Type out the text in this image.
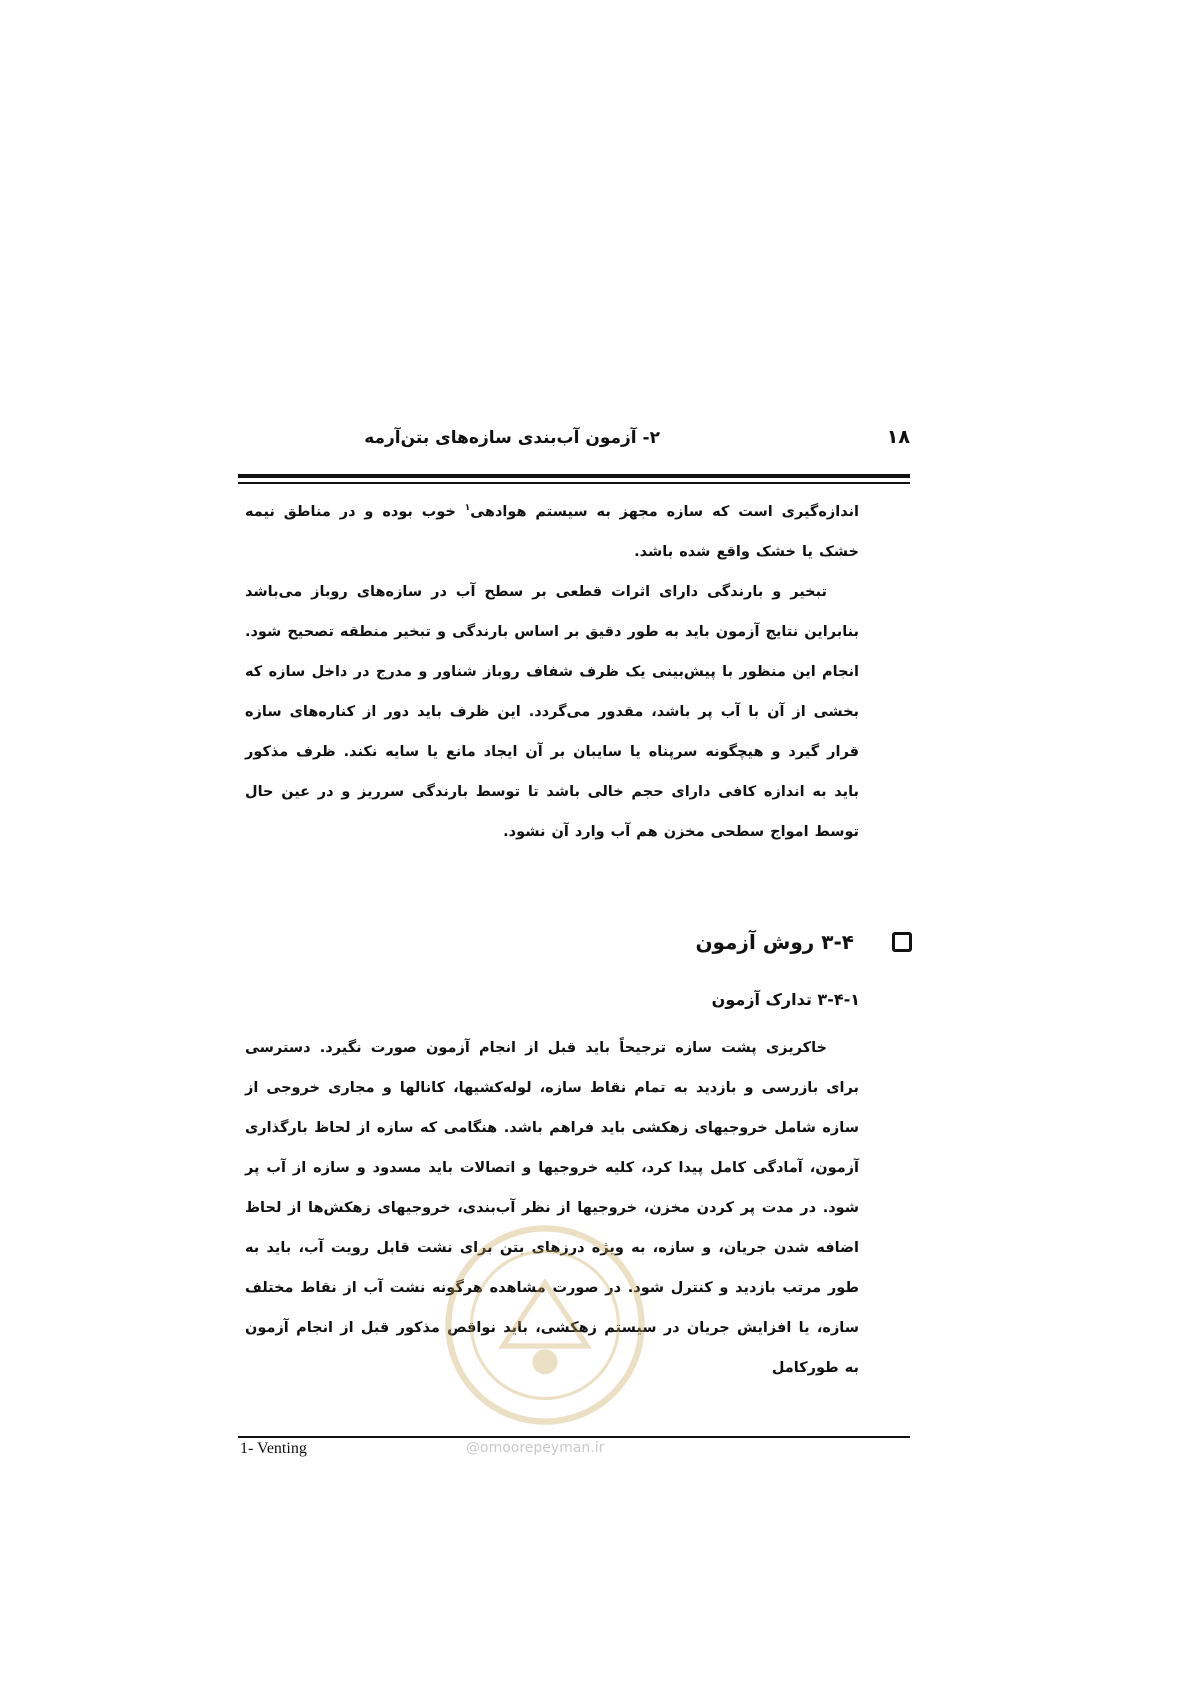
۱۸
۲- آزمون آب‌بندی سازه‌های بتن‌آرمه

اندازه‌گیری است که سازه مجهز به سیستم هوادهی$^۱$ خوب بوده و در مناطق نیمه خشک یا خشک واقع شده باشد.

تبخیر و بارندگی دارای اثرات قطعی بر سطح آب در سازه‌های روباز می‌باشد بنابراین نتایج آزمون باید به طور دقیق بر اساس بارندگی و تبخیر منطقه تصحیح شود. انجام این منظور با پیش‌بینی یک ظرف شفاف روباز شناور و مدرج در داخل سازه که بخشی از آن با آب پر باشد، مقدور می‌گردد. این ظرف باید دور از کناره‌های سازه قرار گیرد و هیچگونه سرپناه یا سایبان بر آن ایجاد مانع یا سایه نکند. ظرف مذکور باید به اندازه کافی دارای حجم خالی باشد تا توسط بارندگی سرریز و در عین حال توسط امواج سطحی مخزن هم آب وارد آن نشود.

۳-۴ روش آزمون
۳-۴-۱ تدارک آزمون

خاکریزی پشت سازه ترجیحاً باید قبل از انجام آزمون صورت نگیرد. دسترسی برای بازرسی و بازدید به تمام نقاط سازه، لوله‌کشیها، کانالها و مجاری خروجی از سازه شامل خروجیهای زهکشی باید فراهم باشد. هنگامی که سازه از لحاظ بارگذاری آزمون، آمادگی کامل پیدا کرد، کلیه خروجیها و اتصالات باید مسدود و سازه از آب پر شود. در مدت پر کردن مخزن، خروجیها از نظر آب‌بندی، خروجیهای زهکش‌ها از لحاظ اضافه شدن جریان، و سازه، به ویژه درزهای بتن برای نشت قابل رویت آب، باید به طور مرتب بازدید و کنترل شود. در صورت مشاهده هرگونه نشت آب از نقاط مختلف سازه، یا افزایش جریان در سیستم زهکشی، باید نواقص مذکور قبل از انجام آزمون به طورکامل

1- Venting	@omoorepeyman.ir
